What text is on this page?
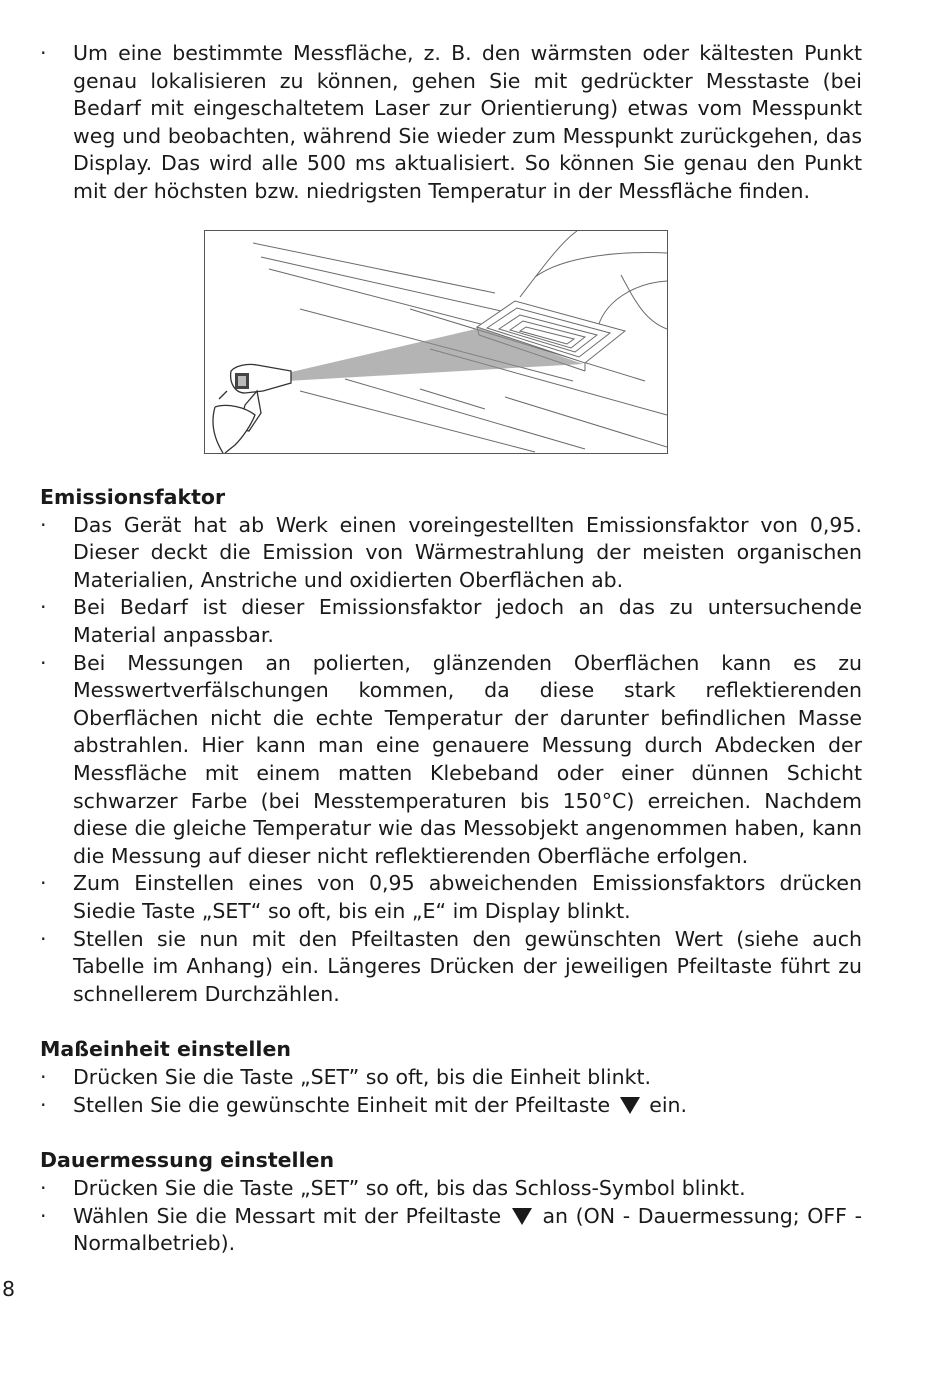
·	Um eine bestimmte Messfläche, z. B. den wärmsten oder kältesten Punkt genau lokalisieren zu können, gehen Sie mit gedrückter Messtaste (bei Bedarf mit eingeschaltetem Laser zur Orientierung) etwas vom Messpunkt weg und beobachten, während Sie wieder zum Messpunkt zurückgehen, das Display. Das wird alle 500 ms aktualisiert. So können Sie genau den Punkt mit der höchsten bzw. niedrigsten Temperatur in der Messfläche finden.
Emissionsfaktor
·	Das Gerät hat ab Werk einen voreingestellten Emissionsfaktor von 0,95. Dieser deckt die Emission von Wärmestrahlung der meisten organischen Materialien, Anstriche und oxidierten Oberflächen ab.
·	Bei Bedarf ist dieser Emissionsfaktor jedoch an das zu untersuchende Material anpassbar.
·	Bei Messungen an polierten, glänzenden Oberflächen kann es zu Messwertverfälschungen kommen, da diese stark reflektierenden Oberflächen nicht die echte Temperatur der darunter befindlichen Masse abstrahlen. Hier kann man eine genauere Messung durch Abdecken der Messfläche mit einem matten Klebeband oder einer dünnen Schicht schwarzer Farbe (bei Messtemperaturen bis 150°C) erreichen. Nachdem diese die gleiche Temperatur wie das Messobjekt angenommen haben, kann die Messung auf dieser nicht reflektierenden Oberfläche erfolgen.
·	Zum Einstellen eines von 0,95 abweichenden Emissionsfaktors drücken Siedie Taste „SET“ so oft, bis ein „E“ im Display blinkt.
·	Stellen sie nun mit den Pfeiltasten den gewünschten Wert (siehe auch Tabelle im Anhang) ein. Längeres Drücken der jeweiligen Pfeiltaste führt zu schnellerem Durchzählen.
Maßeinheit einstellen
·	Drücken Sie die Taste „SET” so oft, bis die Einheit blinkt.
·	Stellen Sie die gewünschte Einheit mit der Pfeiltaste ein.
Dauermessung einstellen
·	Drücken Sie die Taste „SET” so oft, bis das Schloss-Symbol blinkt.
·	Wählen Sie die Messart mit der Pfeiltaste an (ON - Dauermessung; OFF - Normalbetrieb).
8
